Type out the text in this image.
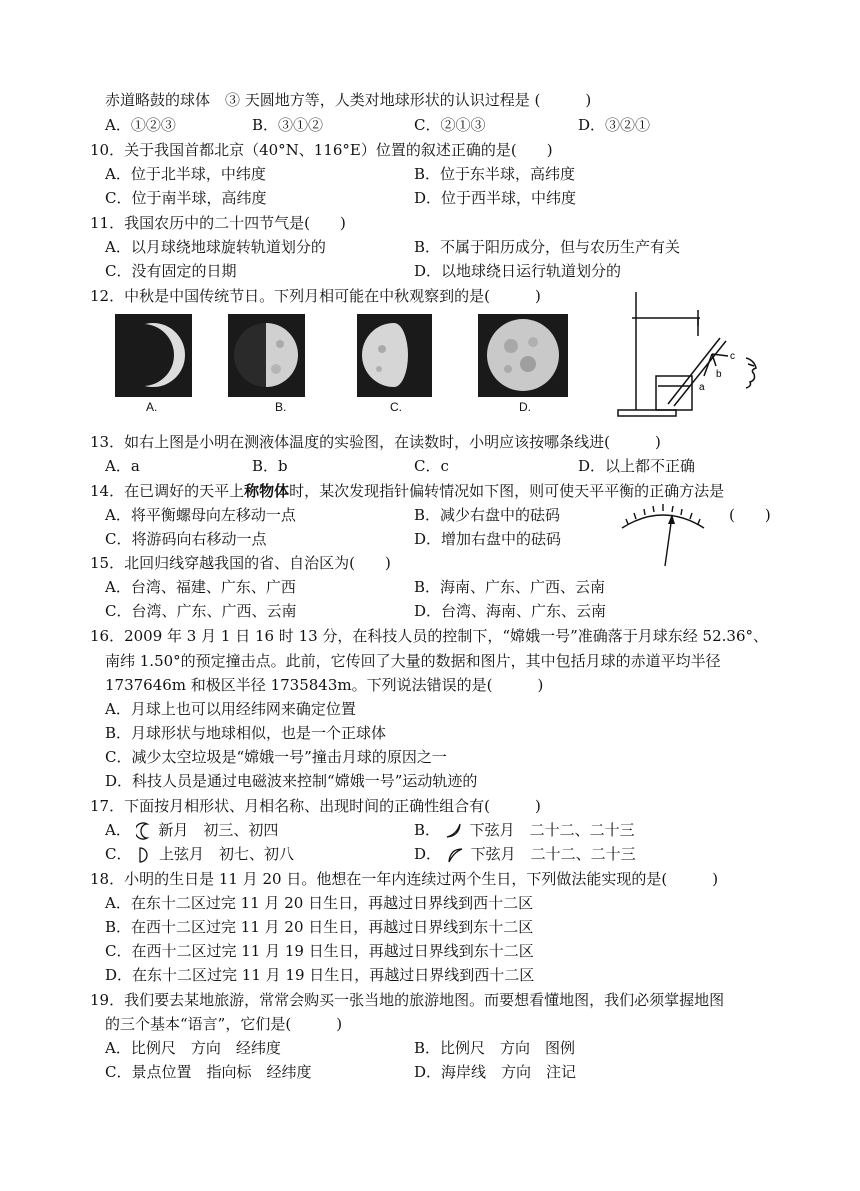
赤道略鼓的球体　③ 天圆地方等，人类对地球形状的认识过程是 (　　　)
A．①②③	B．③①②	C．②①③	D．③②①
10．关于我国首都北京（40°N、116°E）位置的叙述正确的是(　　)
A．位于北半球，中纬度	B．位于东半球，高纬度
C．位于南半球，高纬度	D．位于西半球，中纬度
11．我国农历中的二十四节气是(　　)
A．以月球绕地球旋转轨道划分的	B．不属于阳历成分，但与农历生产有关
C．没有固定的日期	D．以地球绕日运行轨道划分的
12．中秋是中国传统节日。下列月相可能在中秋观察到的是(　　　)
A.	B.	C.	D.
c
b
a
13．如右上图是小明在测液体温度的实验图，在读数时，小明应该按哪条线进(　　　)
A．a	B．b	C．c	D．以上都不正确
14．在已调好的天平上称物体时，某次发现指针偏转情况如下图，则可使天平平衡的正确方法是
A．将平衡螺母向左移动一点	B．减少右盘中的砝码	(　　)
C．将游码向右移动一点	D．增加右盘中的砝码
15．北回归线穿越我国的省、自治区为(　　)
A．台湾、福建、广东、广西	B．海南、广东、广西、云南
C．台湾、广东、广西、云南	D．台湾、海南、广东、云南
16．2009 年 3 月 1 日 16 时 13 分，在科技人员的控制下，“嫦娥一号”准确落于月球东经 52.36°、
南纬 1.50°的预定撞击点。此前，它传回了大量的数据和图片，其中包括月球的赤道平均半径
1737646m 和极区半径 1735843m。下列说法错误的是(　　　)
A．月球上也可以用经纬网来确定位置
B．月球形状与地球相似，也是一个正球体
C．减少太空垃圾是“嫦娥一号”撞击月球的原因之一
D．科技人员是通过电磁波来控制“嫦娥一号”运动轨迹的
17．下面按月相形状、月相名称、出现时间的正确性组合有(　　　)
A． 新月　初三、初四	B． 下弦月　二十二、二十三
C． 上弦月　初七、初八	D． 下弦月　二十二、二十三
18．小明的生日是 11 月 20 日。他想在一年内连续过两个生日，下列做法能实现的是(　　　)
A．在东十二区过完 11 月 20 日生日，再越过日界线到西十二区
B．在西十二区过完 11 月 20 日生日，再越过日界线到东十二区
C．在西十二区过完 11 月 19 日生日，再越过日界线到东十二区
D．在东十二区过完 11 月 19 日生日，再越过日界线到西十二区
19．我们要去某地旅游，常常会购买一张当地的旅游地图。而要想看懂地图，我们必须掌握地图
的三个基本“语言”，它们是(　　　)
A．比例尺　方向　经纬度	B．比例尺　方向　图例
C．景点位置　指向标　经纬度	D．海岸线　方向　注记
